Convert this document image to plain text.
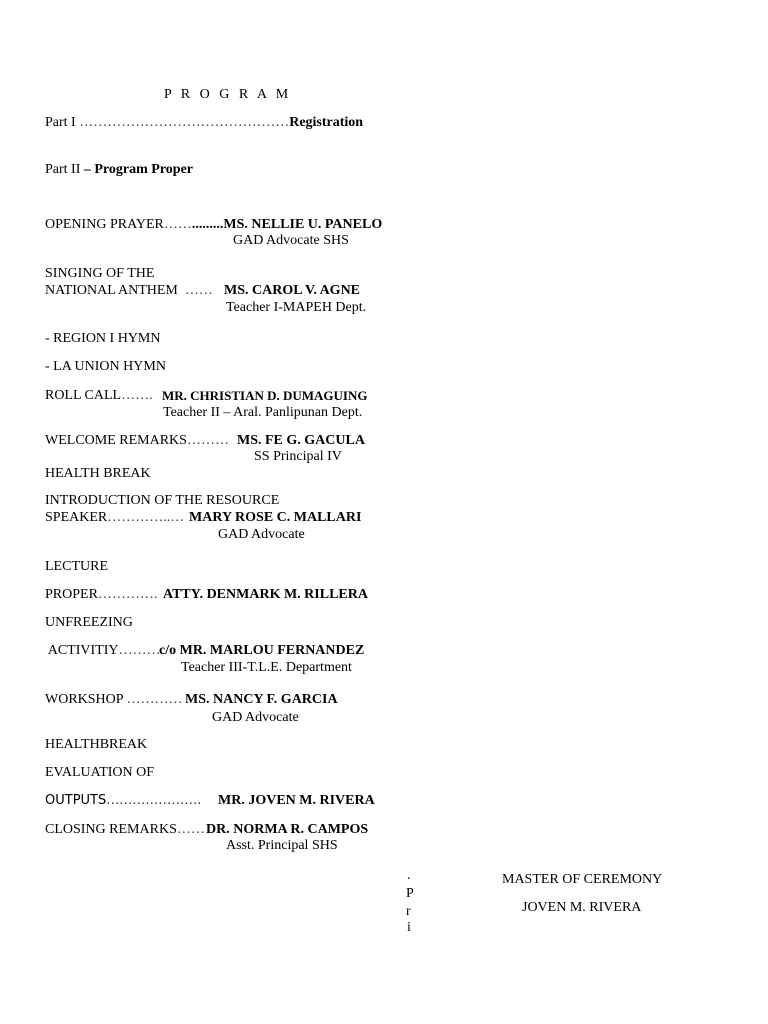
P R O G R A M
Part I ………………………………………Registration
Part II – Program Proper
OPENING PRAYER…….........MS. NELLIE U. PANELO
GAD Advocate SHS
SINGING OF THE
NATIONAL ANTHEM …… MS. CAROL V. AGNE
Teacher I-MAPEH Dept.
- REGION I HYMN
- LA UNION HYMN
ROLL CALL……. MR. CHRISTIAN D. DUMAGUING
Teacher II – Aral. Panlipunan Dept.
WELCOME REMARKS……… MS. FE G. GACULA
SS Principal IV
HEALTH BREAK
INTRODUCTION OF THE RESOURCE
SPEAKER…………..… MARY ROSE C. MALLARI
GAD Advocate
LECTURE
PROPER…………. ATTY. DENMARK M. RILLERA
UNFREEZING
ACTIVITIY………
c/o MR. MARLOU FERNANDEZ
Teacher III-T.L.E. Department
WORKSHOP ………… MS. NANCY F. GARCIA
GAD Advocate
HEALTHBREAK
EVALUATION OF
OUTPUTS…………………. MR. JOVEN M. RIVERA
CLOSING REMARKS…… DR. NORMA R. CAMPOS
Asst. Principal SHS
.
P
r
i
MASTER OF CEREMONY
JOVEN M. RIVERA
